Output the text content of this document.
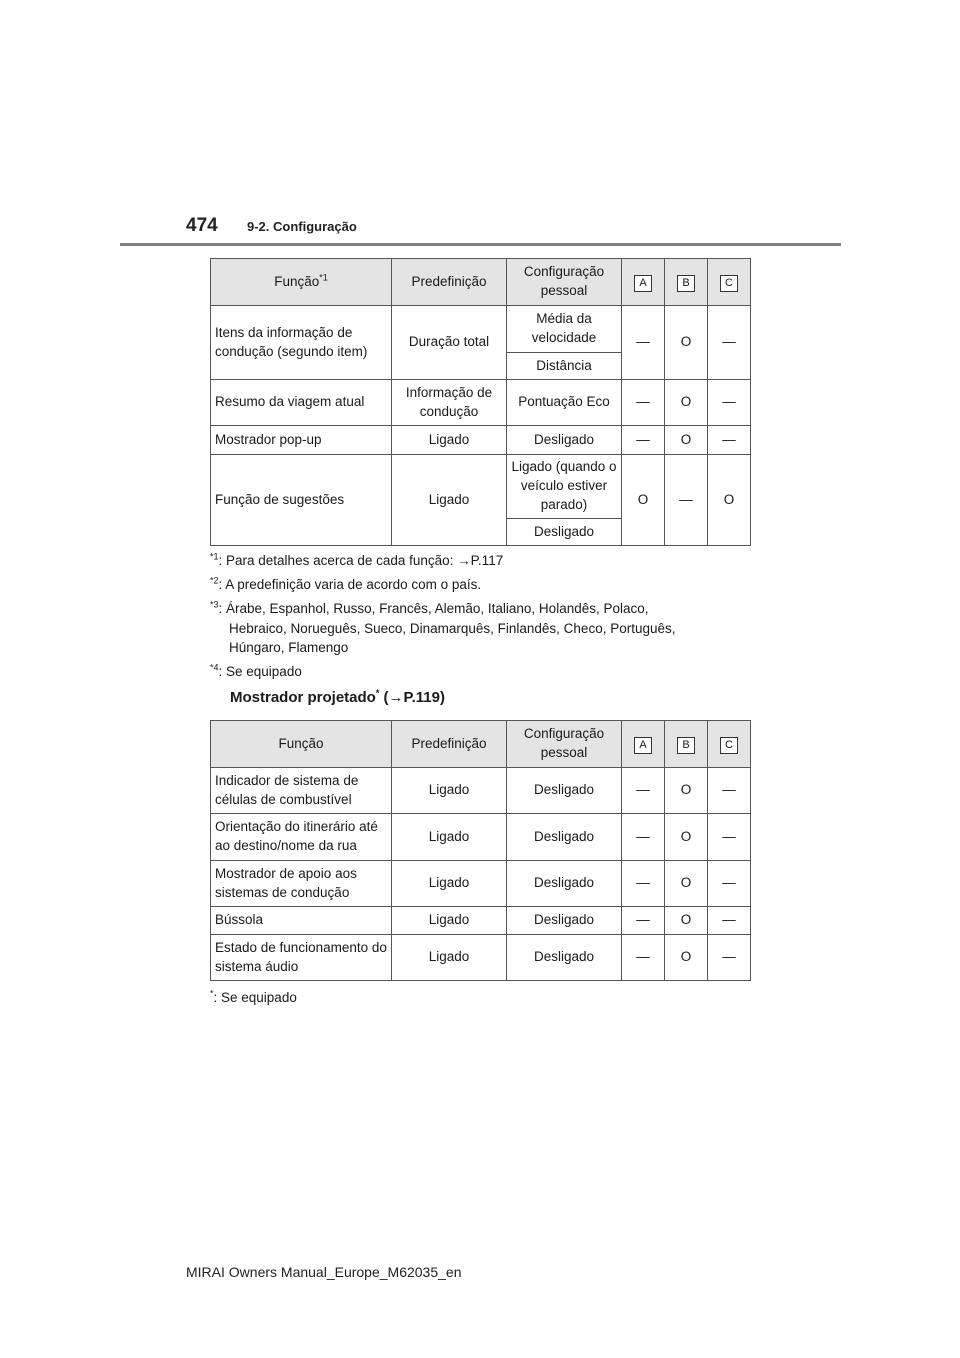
474 9-2. Configuração
Função$^{*1}$	Predefinição	Configuração pessoal	A	B	C
Itens da informação de condução (segundo item)	Duração total	Média da velocidade	—	O	—
		Distância			
Resumo da viagem atual	Informação de condução	Pontuação Eco	—	O	—
Mostrador pop-up	Ligado	Desligado	—	O	—
Função de sugestões	Ligado	Ligado (quando o veículo estiver parado)	O	—	O
		Desligado			
$^{*1}$: Para detalhes acerca de cada função: →P.117
$^{*2}$: A predefinição varia de acordo com o país.
$^{*3}$: Árabe, Espanhol, Russo, Francês, Alemão, Italiano, Holandês, Polaco,
Hebraico, Norueguês, Sueco, Dinamarquês, Finlandês, Checo, Português,
Húngaro, Flamengo
$^{*4}$: Se equipado
Mostrador projetado* (→P.119)
Função	Predefinição	Configuração pessoal	A	B	C
Indicador de sistema de células de combustível	Ligado	Desligado	—	O	—
Orientação do itinerário até ao destino/nome da rua	Ligado	Desligado	—	O	—
Mostrador de apoio aos sistemas de condução	Ligado	Desligado	—	O	—
Bússola	Ligado	Desligado	—	O	—
Estado de funcionamento do sistema áudio	Ligado	Desligado	—	O	—
*: Se equipado
MIRAI Owners Manual_Europe_M62035_en
